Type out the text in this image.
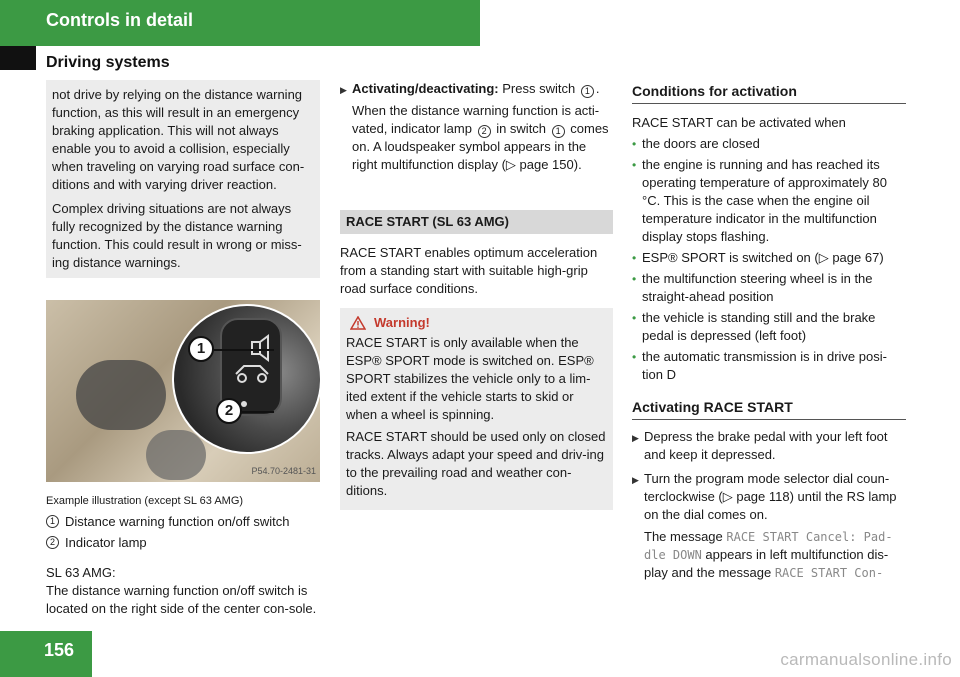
Controls in detail
Driving systems

not drive by relying on the distance warning function, as this will result in an emergency braking application. This will not always enable you to avoid a collision, especially when traveling on varying road surface con-ditions and with varying driver reaction.

Complex driving situations are not always fully recognized by the distance warning function. This could result in wrong or miss-ing distance warnings.

1
2
P54.70-2481-31
Example illustration (except SL 63 AMG)
1 Distance warning function on/off switch
2 Indicator lamp
SL 63 AMG:
The distance warning function on/off switch is located on the right side of the center con-sole.
▶ Activating/deactivating: Press switch 1 .

When the distance warning function is acti-vated, indicator lamp 2 in switch 1 comes on. A loudspeaker symbol appears in the right multifunction display (▷ page 150).

RACE START (SL 63 AMG)

RACE START enables optimum acceleration from a standing start with suitable high-grip road surface conditions.

Warning!

RACE START is only available when the ESP® SPORT mode is switched on. ESP® SPORT stabilizes the vehicle only to a lim-ited extent if the vehicle starts to skid or when a wheel is spinning.

RACE START should be used only on closed tracks. Always adapt your speed and driv-ing to the prevailing road and weather con-ditions.

Conditions for activation

RACE START can be activated when

• the doors are closed
• the engine is running and has reached its operating temperature of approximately 80 °C. This is the case when the engine oil temperature indicator in the multifunction display stops flashing.
• ESP® SPORT is switched on (▷ page 67)
• the multifunction steering wheel is in the straight-ahead position
• the vehicle is standing still and the brake pedal is depressed (left foot)
• the automatic transmission is in drive posi-tion D
Activating RACE START
▶ Depress the brake pedal with your left foot and keep it depressed.
▶ Turn the program mode selector dial coun-terclockwise (▷ page 118) until the RS lamp on the dial comes on.

The message RACE START Cancel: Pad-dle DOWN appears in left multifunction dis-play and the message RACE START Con-

156	carmanualsonline.info
